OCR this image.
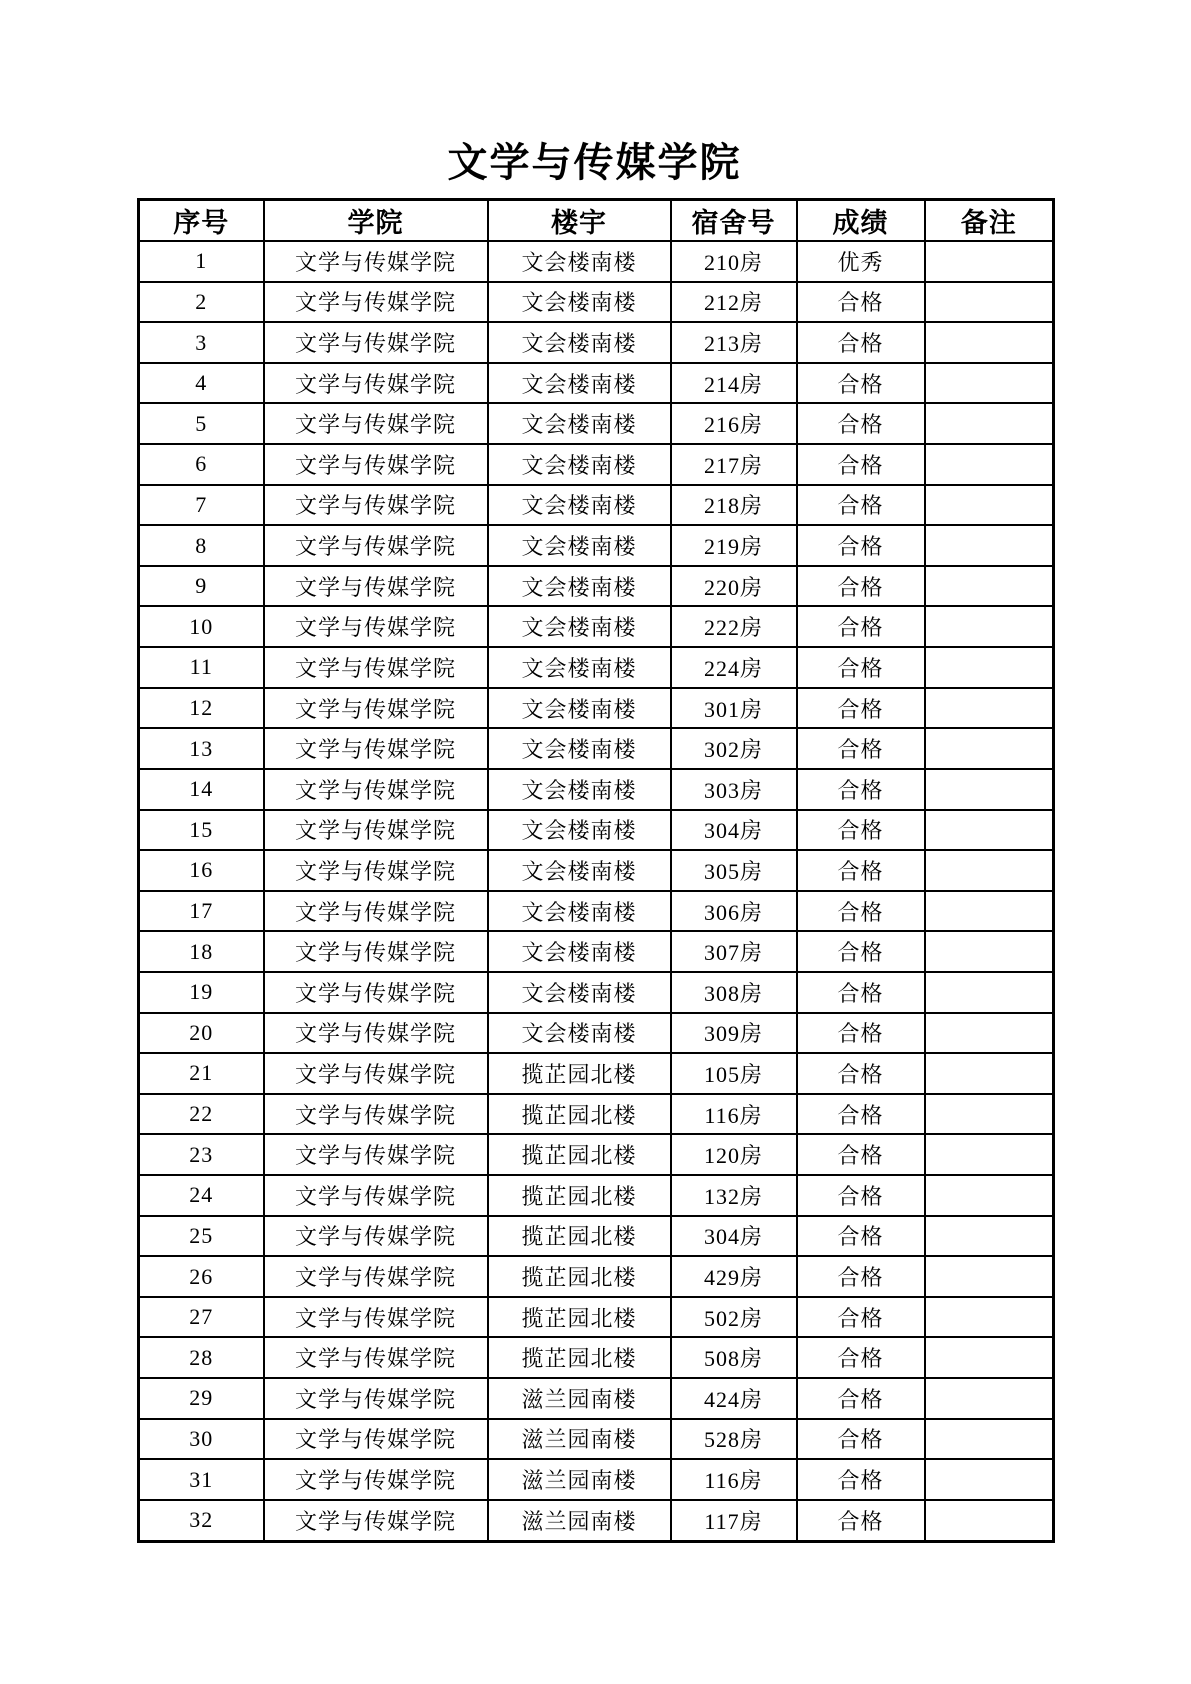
文学与传媒学院
序号	学院	楼宇	宿舍号	成绩	备注
1	文学与传媒学院	文会楼南楼	210房	优秀	
2	文学与传媒学院	文会楼南楼	212房	合格	
3	文学与传媒学院	文会楼南楼	213房	合格	
4	文学与传媒学院	文会楼南楼	214房	合格	
5	文学与传媒学院	文会楼南楼	216房	合格	
6	文学与传媒学院	文会楼南楼	217房	合格	
7	文学与传媒学院	文会楼南楼	218房	合格	
8	文学与传媒学院	文会楼南楼	219房	合格	
9	文学与传媒学院	文会楼南楼	220房	合格	
10	文学与传媒学院	文会楼南楼	222房	合格	
11	文学与传媒学院	文会楼南楼	224房	合格	
12	文学与传媒学院	文会楼南楼	301房	合格	
13	文学与传媒学院	文会楼南楼	302房	合格	
14	文学与传媒学院	文会楼南楼	303房	合格	
15	文学与传媒学院	文会楼南楼	304房	合格	
16	文学与传媒学院	文会楼南楼	305房	合格	
17	文学与传媒学院	文会楼南楼	306房	合格	
18	文学与传媒学院	文会楼南楼	307房	合格	
19	文学与传媒学院	文会楼南楼	308房	合格	
20	文学与传媒学院	文会楼南楼	309房	合格	
21	文学与传媒学院	揽芷园北楼	105房	合格	
22	文学与传媒学院	揽芷园北楼	116房	合格	
23	文学与传媒学院	揽芷园北楼	120房	合格	
24	文学与传媒学院	揽芷园北楼	132房	合格	
25	文学与传媒学院	揽芷园北楼	304房	合格	
26	文学与传媒学院	揽芷园北楼	429房	合格	
27	文学与传媒学院	揽芷园北楼	502房	合格	
28	文学与传媒学院	揽芷园北楼	508房	合格	
29	文学与传媒学院	滋兰园南楼	424房	合格	
30	文学与传媒学院	滋兰园南楼	528房	合格	
31	文学与传媒学院	滋兰园南楼	116房	合格	
32	文学与传媒学院	滋兰园南楼	117房	合格	
